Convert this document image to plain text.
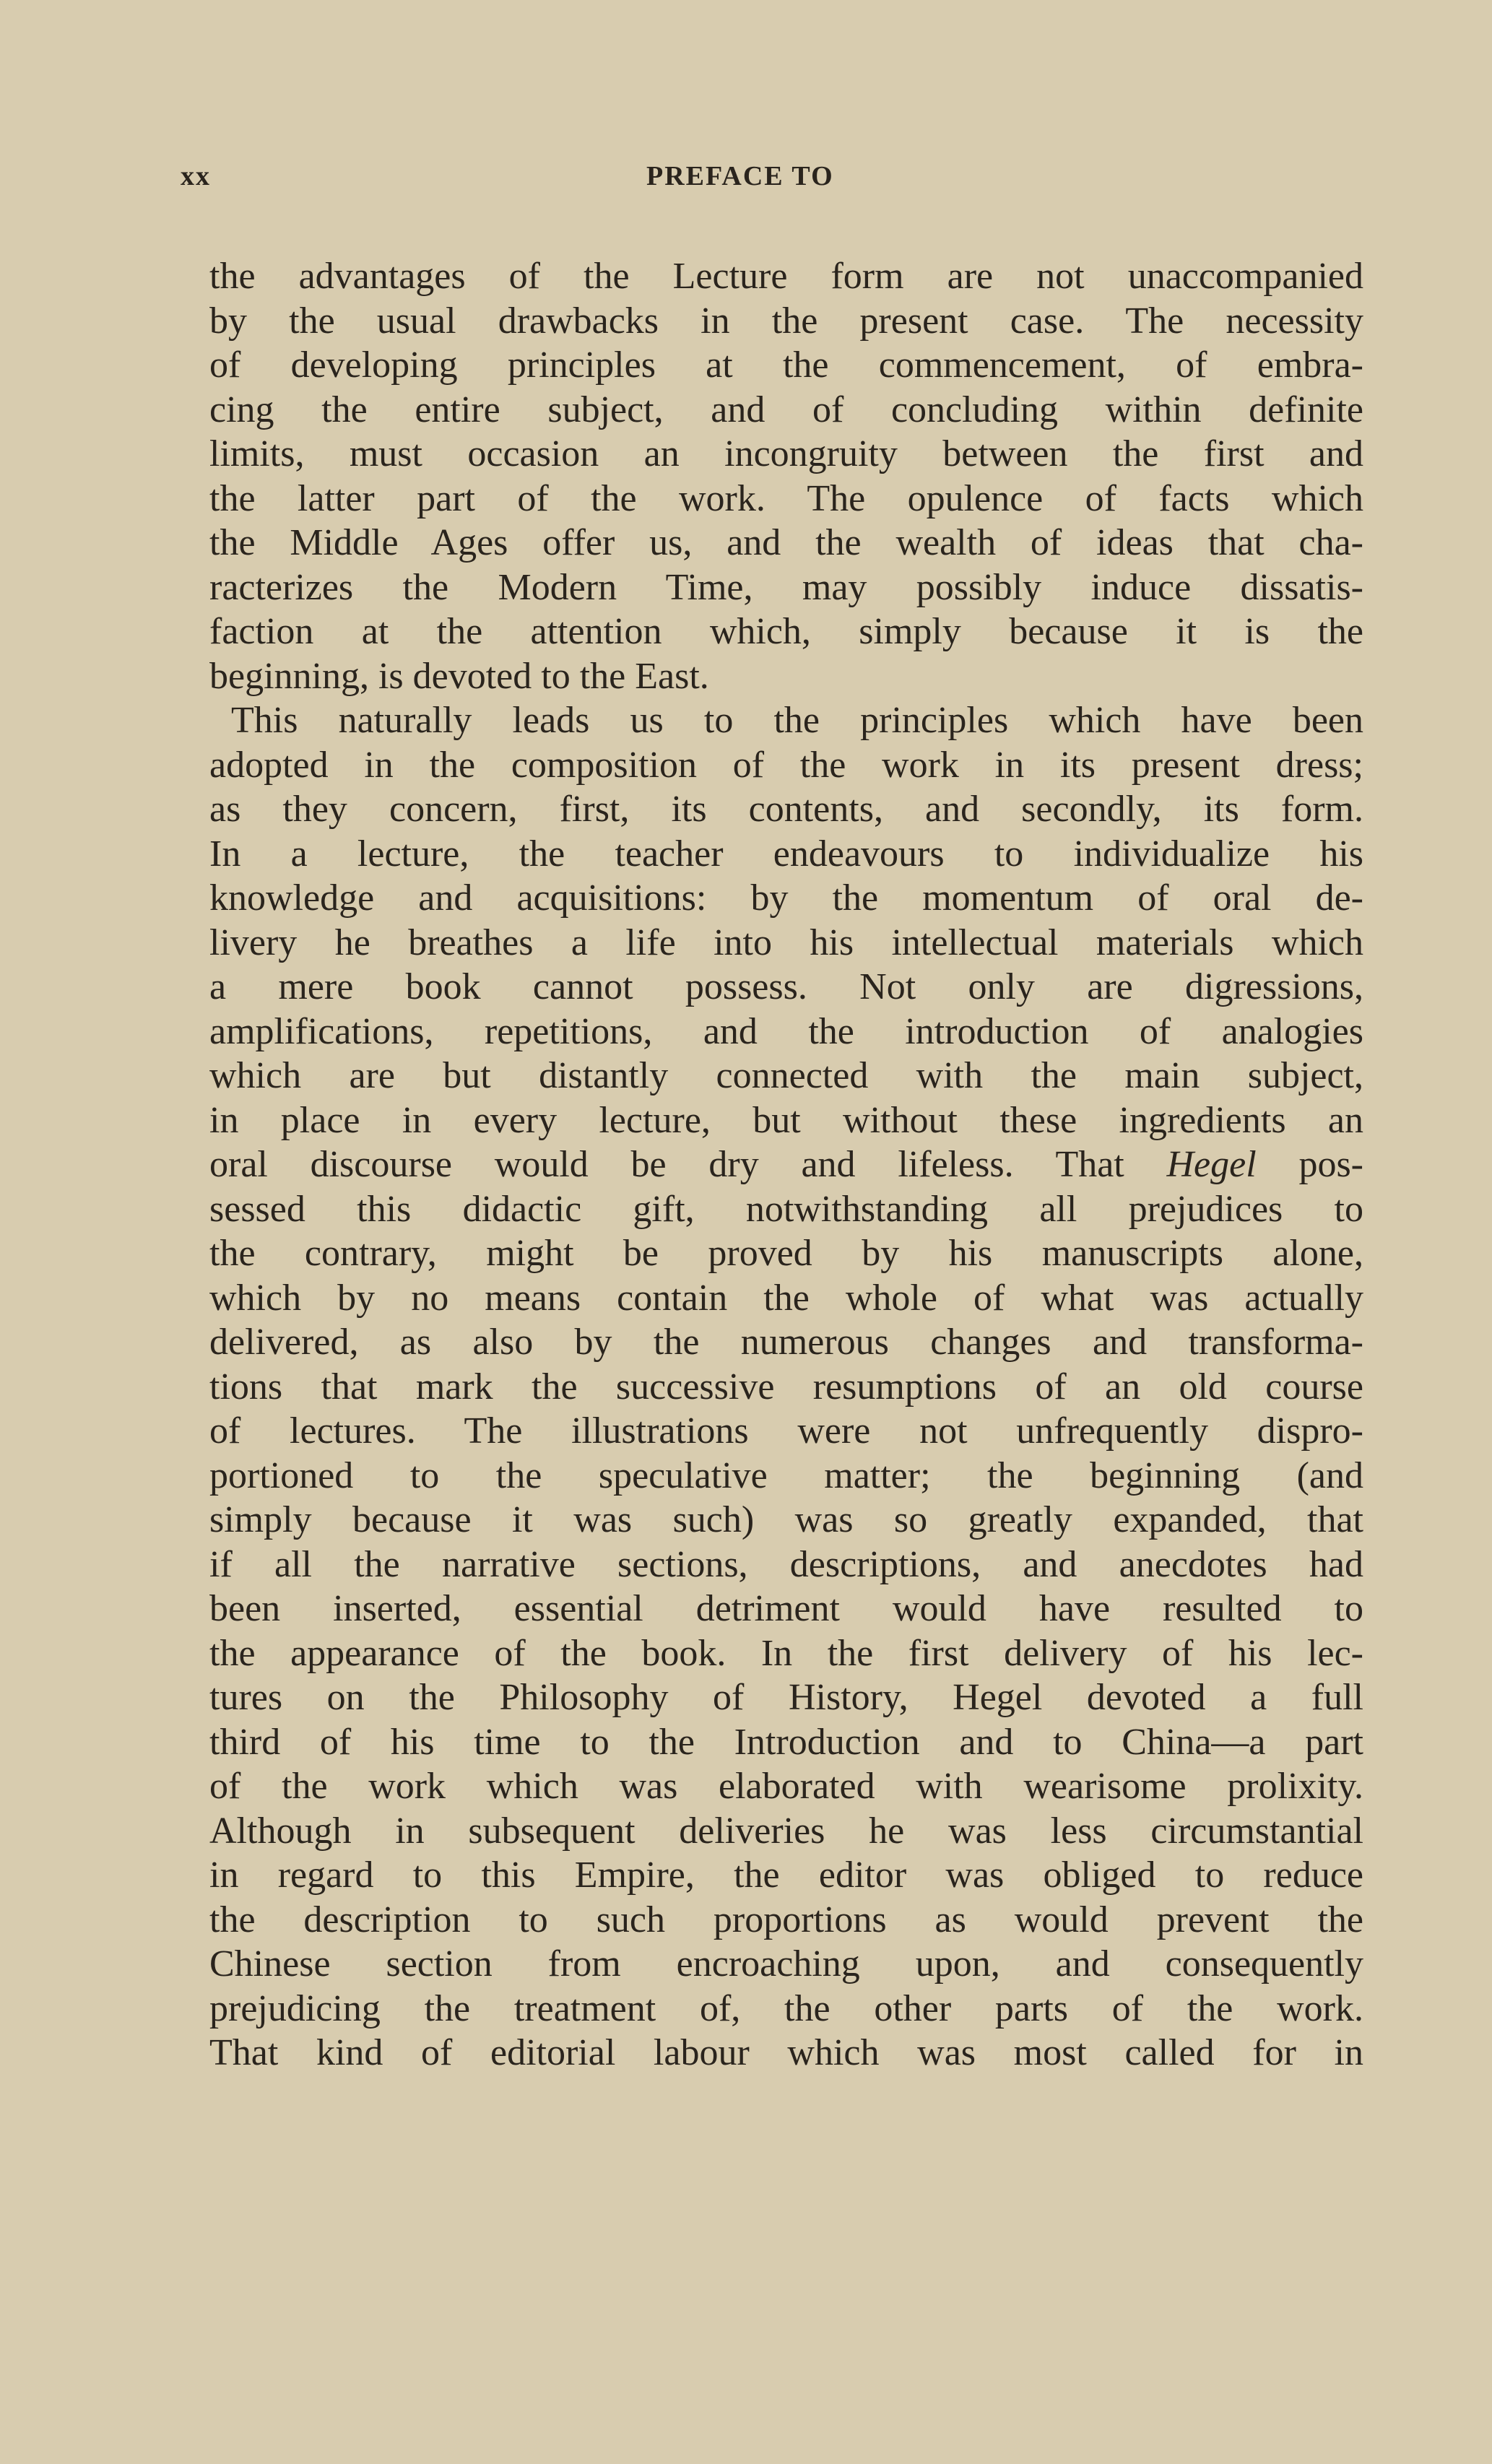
xx	PREFACE TO
the advantages of the Lecture form are not unaccompanied
by the usual drawbacks in the present case. The necessity
of developing principles at the commencement, of embra-
cing the entire subject, and of concluding within definite
limits, must occasion an incongruity between the first and
the latter part of the work. The opulence of facts which
the Middle Ages offer us, and the wealth of ideas that cha-
racterizes the Modern Time, may possibly induce dissatis-
faction at the attention which, simply because it is the
beginning, is devoted to the East.
This naturally leads us to the principles which have been
adopted in the composition of the work in its present dress;
as they concern, first, its contents, and secondly, its form.
In a lecture, the teacher endeavours to individualize his
knowledge and acquisitions: by the momentum of oral de-
livery he breathes a life into his intellectual materials which
a mere book cannot possess. Not only are digressions,
amplifications, repetitions, and the introduction of analogies
which are but distantly connected with the main subject,
in place in every lecture, but without these ingredients an
oral discourse would be dry and lifeless. That Hegel pos-
sessed this didactic gift, notwithstanding all prejudices to
the contrary, might be proved by his manuscripts alone,
which by no means contain the whole of what was actually
delivered, as also by the numerous changes and transforma-
tions that mark the successive resumptions of an old course
of lectures. The illustrations were not unfrequently dispro-
portioned to the speculative matter; the beginning (and
simply because it was such) was so greatly expanded, that
if all the narrative sections, descriptions, and anecdotes had
been inserted, essential detriment would have resulted to
the appearance of the book. In the first delivery of his lec-
tures on the Philosophy of History, Hegel devoted a full
third of his time to the Introduction and to China—a part
of the work which was elaborated with wearisome prolixity.
Although in subsequent deliveries he was less circumstantial
in regard to this Empire, the editor was obliged to reduce
the description to such proportions as would prevent the
Chinese section from encroaching upon, and consequently
prejudicing the treatment of, the other parts of the work.
That kind of editorial labour which was most called for in
